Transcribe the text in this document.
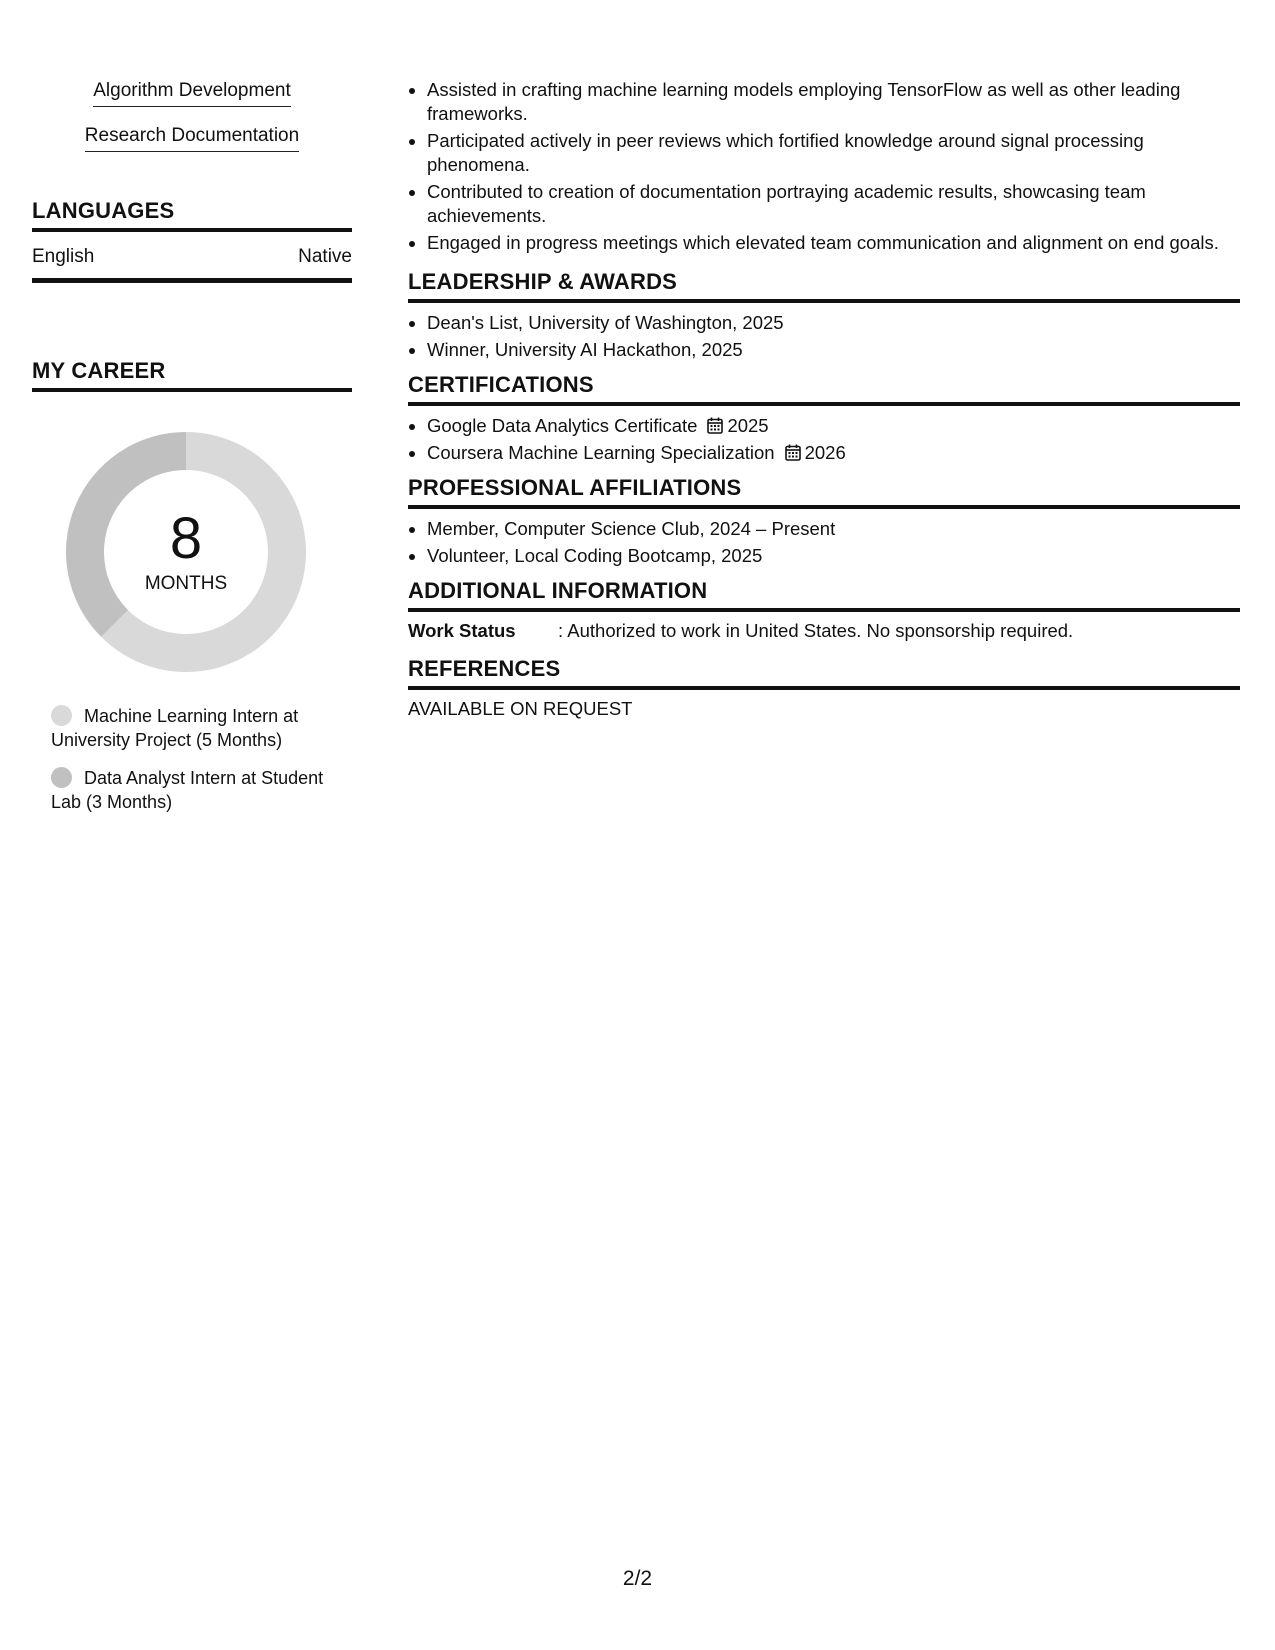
Algorithm Development
Research Documentation
LANGUAGES
English	Native
MY CAREER
8
MONTHS
Machine Learning Intern at University Project (5 Months)
Data Analyst Intern at Student Lab (3 Months)
• Assisted in crafting machine learning models employing TensorFlow as well as other leading frameworks.
• Participated actively in peer reviews which fortified knowledge around signal processing phenomena.
• Contributed to creation of documentation portraying academic results, showcasing team achievements.
• Engaged in progress meetings which elevated team communication and alignment on end goals.
LEADERSHIP & AWARDS
• Dean's List, University of Washington, 2025
• Winner, University AI Hackathon, 2025
CERTIFICATIONS
• Google Data Analytics Certificate 2025
• Coursera Machine Learning Specialization 2026
PROFESSIONAL AFFILIATIONS
• Member, Computer Science Club, 2024 – Present
• Volunteer, Local Coding Bootcamp, 2025
ADDITIONAL INFORMATION
Work Status	: Authorized to work in United States. No sponsorship required.
REFERENCES
AVAILABLE ON REQUEST
2/2
